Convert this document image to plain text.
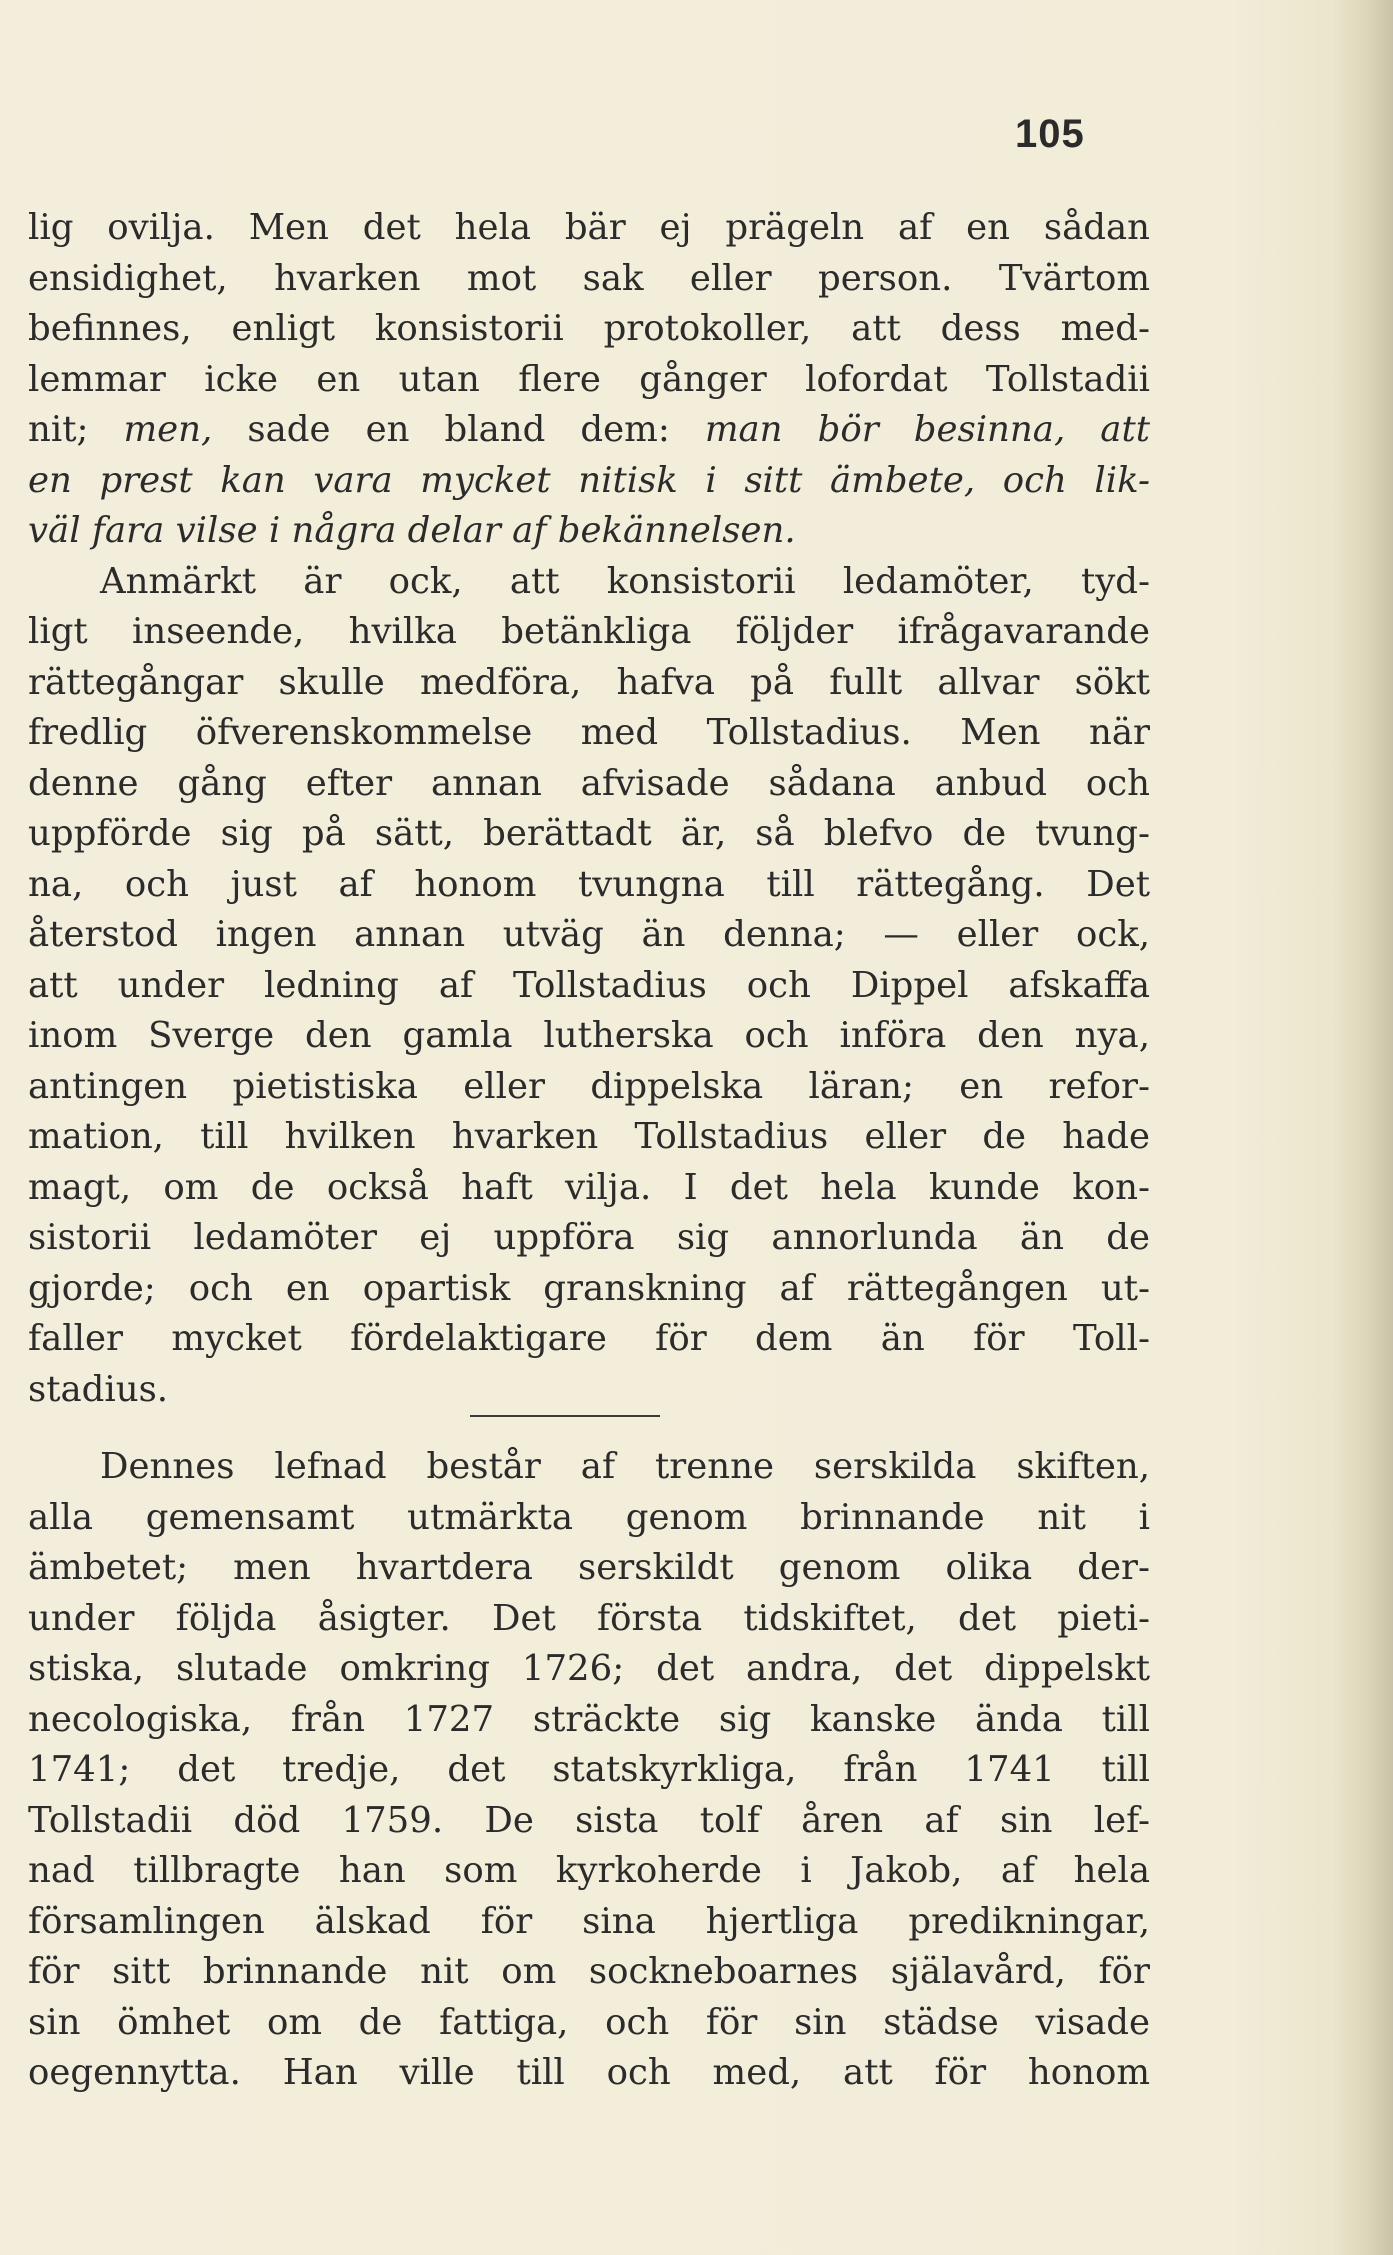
105
lig ovilja. Men det hela bär ej prägeln af en sådan
ensidighet, hvarken mot sak eller person. Tvärtom
befinnes, enligt konsistorii protokoller, att dess med-
lemmar icke en utan flere gånger lofordat Tollstadii
nit; men, sade en bland dem: man bör besinna, att
en prest kan vara mycket nitisk i sitt ämbete, och lik-
väl fara vilse i några delar af bekännelsen.
Anmärkt är ock, att konsistorii ledamöter, tyd-
ligt inseende, hvilka betänkliga följder ifrågavarande
rättegångar skulle medföra, hafva på fullt allvar sökt
fredlig öfverenskommelse med Tollstadius. Men när
denne gång efter annan afvisade sådana anbud och
uppförde sig på sätt, berättadt är, så blefvo de tvung-
na, och just af honom tvungna till rättegång. Det
återstod ingen annan utväg än denna; — eller ock,
att under ledning af Tollstadius och Dippel afskaffa
inom Sverge den gamla lutherska och införa den nya,
antingen pietistiska eller dippelska läran; en refor-
mation, till hvilken hvarken Tollstadius eller de hade
magt, om de också haft vilja. I det hela kunde kon-
sistorii ledamöter ej uppföra sig annorlunda än de
gjorde; och en opartisk granskning af rättegången ut-
faller mycket fördelaktigare för dem än för Toll-
stadius.
Dennes lefnad består af trenne serskilda skiften,
alla gemensamt utmärkta genom brinnande nit i
ämbetet; men hvartdera serskildt genom olika der-
under följda åsigter. Det första tidskiftet, det pieti-
stiska, slutade omkring 1726; det andra, det dippelskt
necologiska, från 1727 sträckte sig kanske ända till
1741; det tredje, det statskyrkliga, från 1741 till
Tollstadii död 1759. De sista tolf åren af sin lef-
nad tillbragte han som kyrkoherde i Jakob, af hela
församlingen älskad för sina hjertliga predikningar,
för sitt brinnande nit om sockneboarnes själavård, för
sin ömhet om de fattiga, och för sin städse visade
oegennytta. Han ville till och med, att för honom
